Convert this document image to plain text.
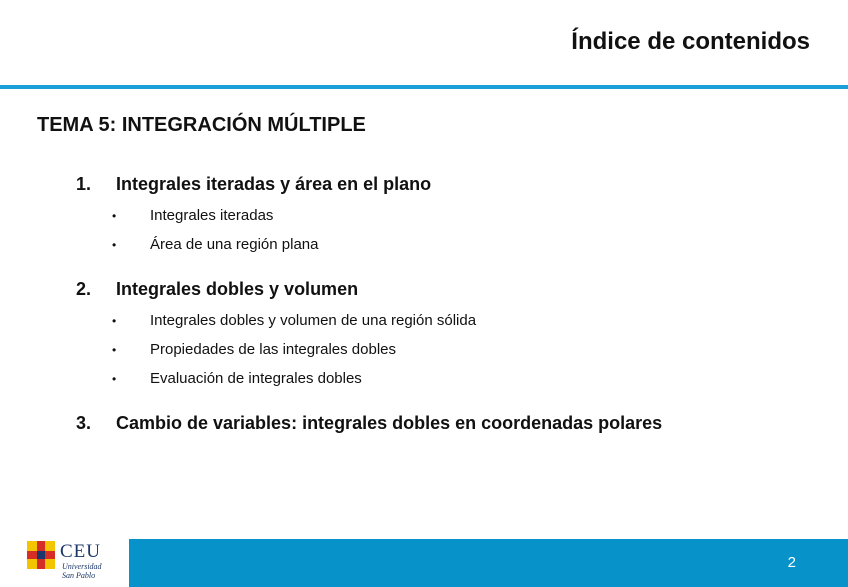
Índice de contenidos
TEMA 5: INTEGRACIÓN MÚLTIPLE
1.	Integrales iteradas y área en el plano
•	Integrales iteradas
•	Área de una región plana
2.	Integrales dobles y volumen
•	Integrales dobles y volumen de una región sólida
•	Propiedades de las integrales dobles
•	Evaluación de integrales dobles
3.	Cambio de variables: integrales dobles en coordenadas polares
CEU
Universidad
San Pablo
2
